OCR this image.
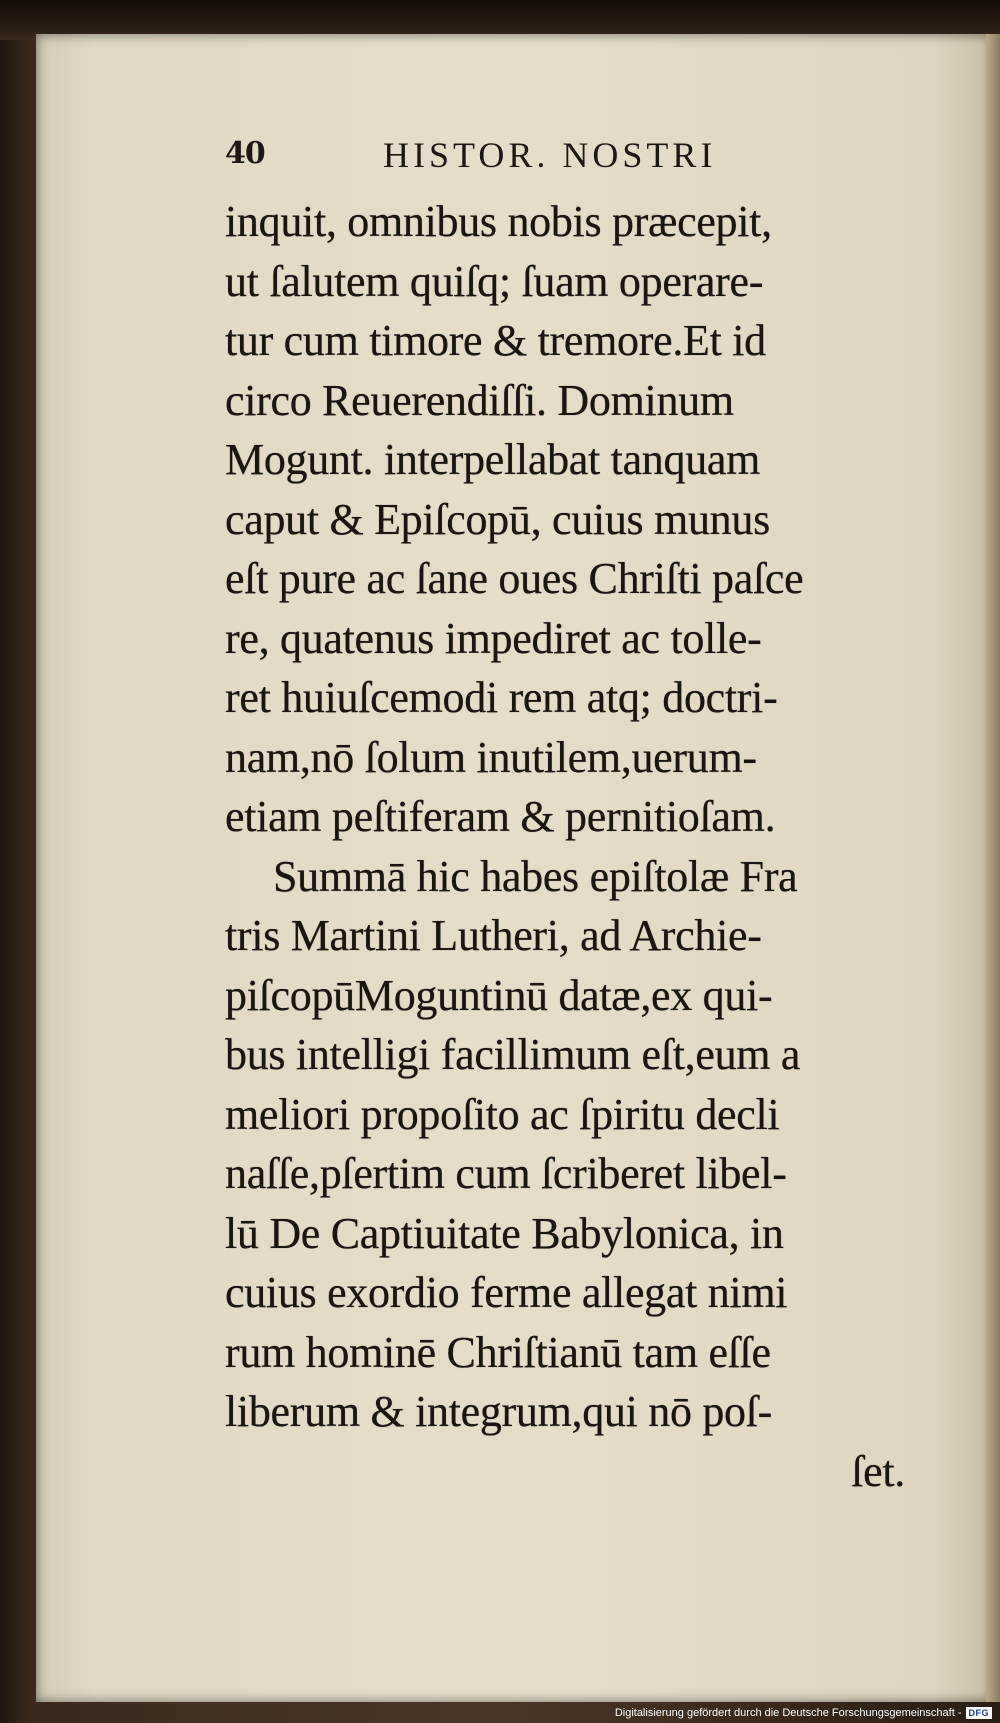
40	HISTOR. NOSTRI
inquit, omnibus nobis præcepit,
ut ſalutem quiſq; ſuam operare-
tur cum timore & tremore.Et id
circo Reuerendiſſi. Dominum
Mogunt. interpellabat tanquam
caput & Epiſcopū, cuius munus
eſt pure ac ſane oues Chriſti paſce
re, quatenus impediret ac tolle-
ret huiuſcemodi rem atq; doctri-
nam,nō ſolum inutilem,uerum-
etiam peſtiferam & pernitioſam.
Summā hic habes epiſtolæ Fra
tris Martini Lutheri, ad Archie-
piſcopūMoguntinū datæ,ex qui-
bus intelligi facillimum eſt,eum a
meliori propoſito ac ſpiritu decli
naſſe,pſertim cum ſcriberet libel-
lū De Captiuitate Babylonica, in
cuius exordio ferme allegat nimi
rum hominē Chriſtianū tam eſſe
liberum & integrum,qui nō poſ-
ſet.
Digitalisierung gefördert durch die Deutsche Forschungsgemeinschaft - DFG
